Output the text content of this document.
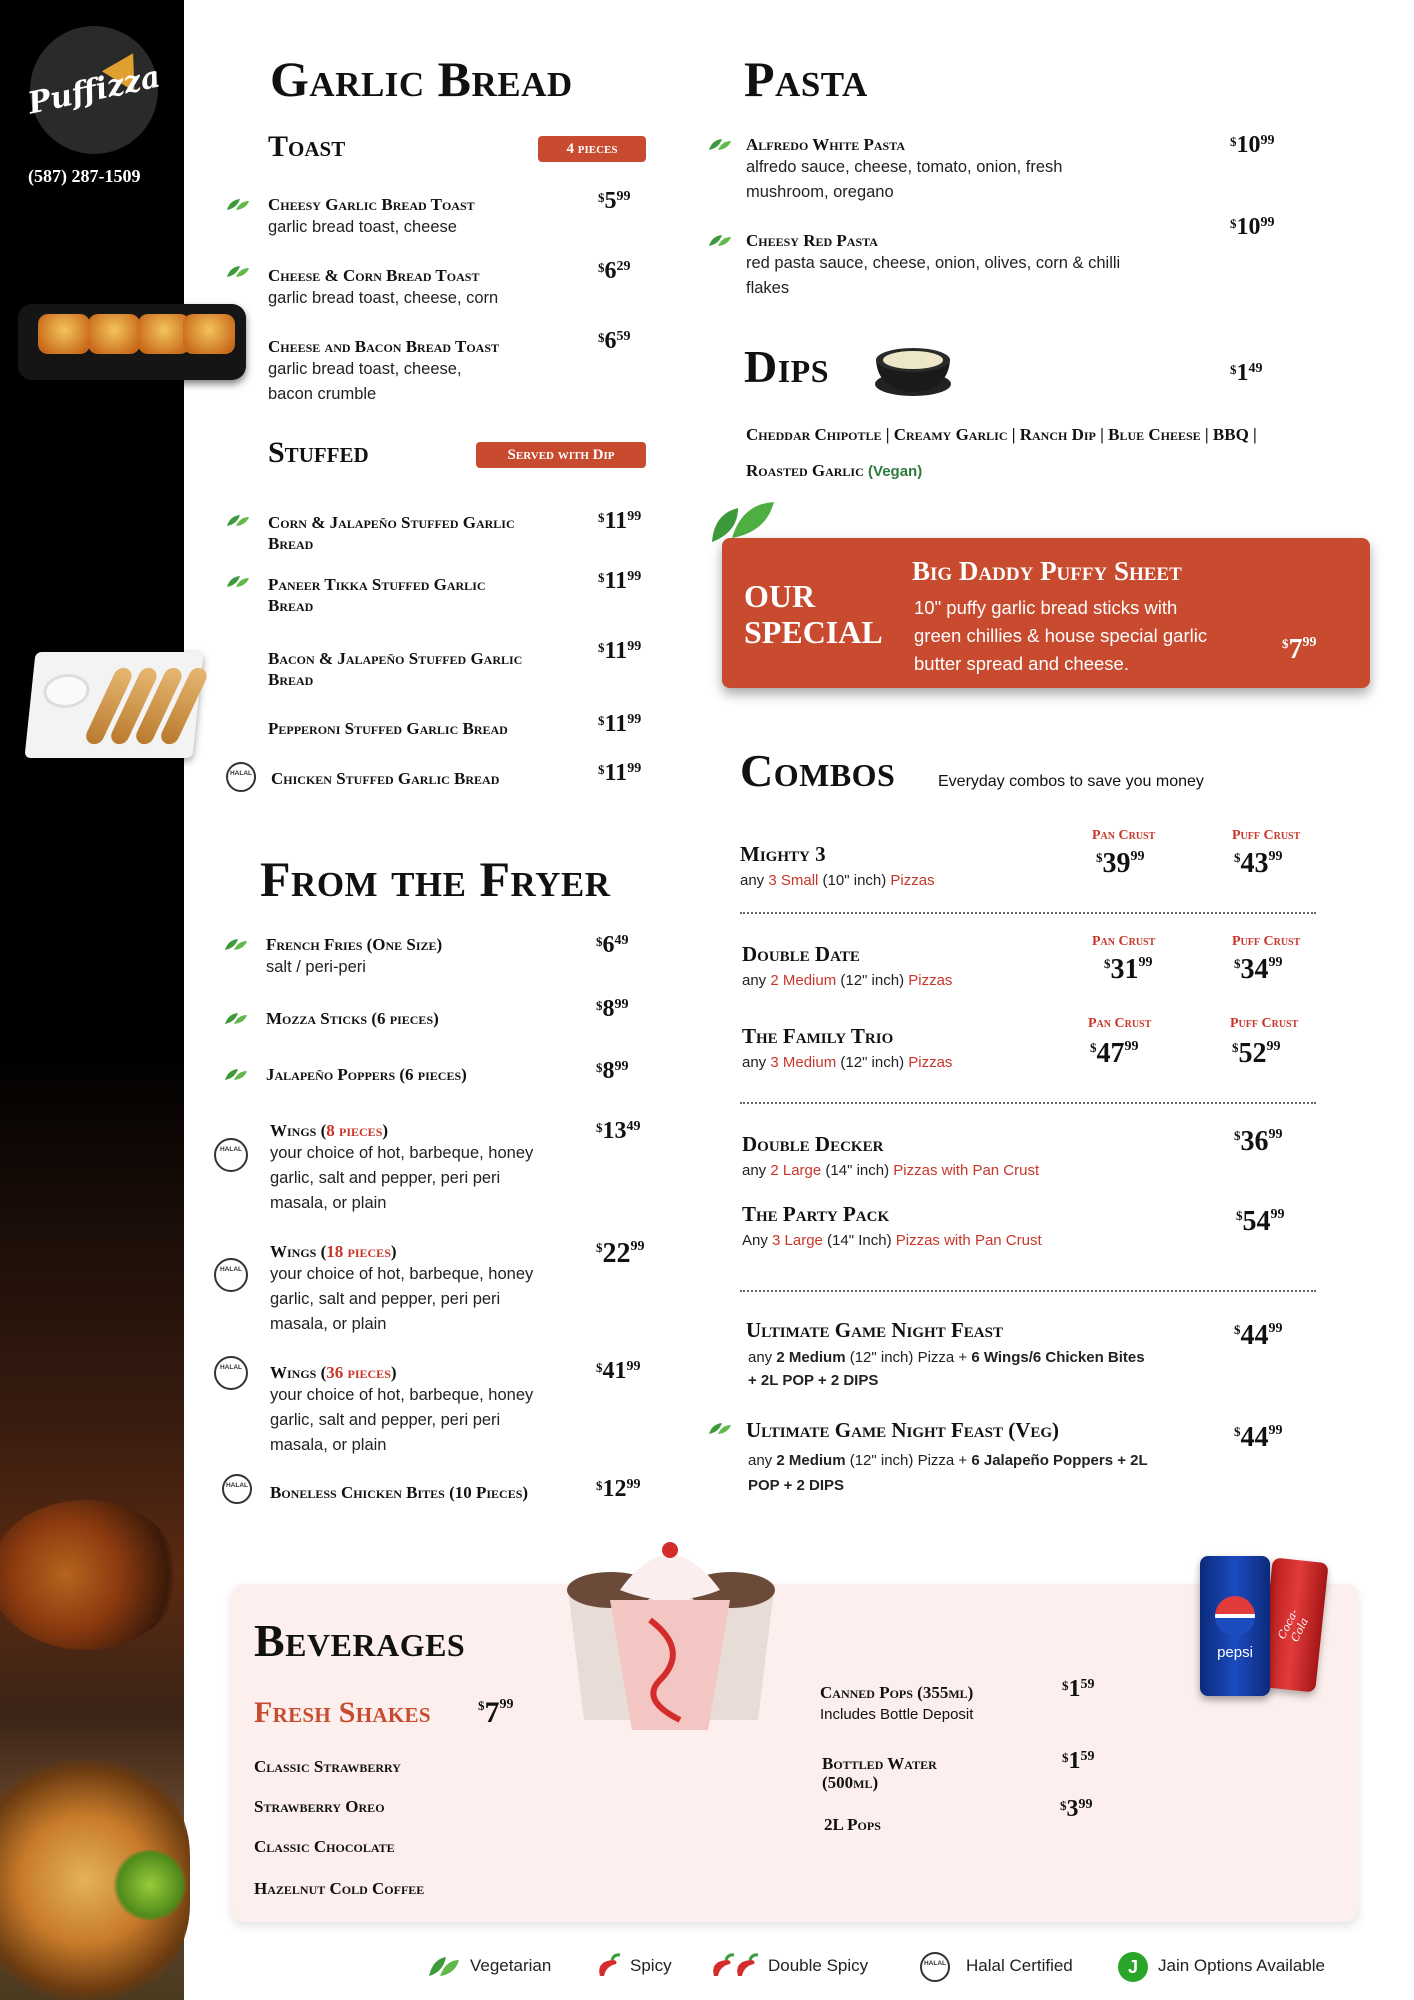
Puffizza
(587) 287-1509
Garlic Bread
Toast	4 pieces
Cheesy Garlic Bread Toast
garlic bread toast, cheese
$^{\$}5^{99}$
Cheese & Corn Bread Toast
garlic bread toast, cheese, corn
$^{\$}6^{29}$
Cheese and Bacon Bread Toast
garlic bread toast, cheese,
bacon crumble
$^{\$}6^{59}$
Stuffed	Served with Dip
Corn & Jalapeño Stuffed Garlic
Bread
$^{\$}11^{99}$
Paneer Tikka Stuffed Garlic
Bread
$^{\$}11^{99}$
Bacon & Jalapeño Stuffed Garlic
Bread
$^{\$}11^{99}$
Pepperoni Stuffed Garlic Bread	$^{\$}11^{99}$
HALAL Chicken Stuffed Garlic Bread	$^{\$}11^{99}$
From the Fryer
French Fries (One Size)
salt / peri-peri
$^{\$}6^{49}$
Mozza Sticks (6 pieces)
$^{\$}8^{99}$
Jalapeño Poppers (6 pieces)	$^{\$}8^{99}$
HALAL
Wings (8 pieces)
your choice of hot, barbeque, honey
garlic, salt and pepper, peri peri
masala, or plain
$^{\$}13^{49}$
HALAL
Wings (18 pieces)
your choice of hot, barbeque, honey
garlic, salt and pepper, peri peri
masala, or plain
$^{\$}22^{99}$
HALAL	Wings (36 pieces)
your choice of hot, barbeque, honey
garlic, salt and pepper, peri peri
masala, or plain
$^{\$}41^{99}$
HALAL Boneless Chicken Bites (10 Pieces)	$^{\$}12^{99}$
Pasta
Alfredo White Pasta
alfredo sauce, cheese, tomato, onion, fresh
mushroom, oregano
$^{\$}10^{99}$
Cheesy Red Pasta
red pasta sauce, cheese, onion, olives, corn & chilli
flakes
$^{\$}10^{99}$
Dips	$^{\$}1^{49}$
Cheddar Chipotle | Creamy Garlic | Ranch Dip | Blue Cheese | BBQ |
Roasted Garlic (Vegan)
OUR
SPECIAL
Big Daddy Puffy Sheet
10" puffy garlic bread sticks with
green chillies & house special garlic
butter spread and cheese.
$^{\$}7^{99}$
Combos	Everyday combos to save you money
Mighty 3
any 3 Small (10" inch) Pizzas
Pan Crust	Puff Crust
$^{\$}39^{99}$	$^{\$}43^{99}$
Double Date
any 2 Medium (12" inch) Pizzas
Pan Crust	Puff Crust
$^{\$}31^{99}$	$^{\$}34^{99}$
The Family Trio
any 3 Medium (12" inch) Pizzas
Pan Crust	Puff Crust
$^{\$}47^{99}$	$^{\$}52^{99}$
Double Decker
any 2 Large (14" inch) Pizzas with Pan Crust
$^{\$}36^{99}$
The Party Pack
Any 3 Large (14" Inch) Pizzas with Pan Crust
$^{\$}54^{99}$
Ultimate Game Night Feast
any 2 Medium (12" inch) Pizza + 6 Wings/6 Chicken Bites
+ 2L POP + 2 DIPS
$^{\$}44^{99}$
Ultimate Game Night Feast (Veg)
any 2 Medium (12" inch) Pizza + 6 Jalapeño Poppers + 2L
POP + 2 DIPS
$^{\$}44^{99}$
Beverages
Fresh Shakes	$^{\$}7^{99}$
Classic Strawberry
Strawberry Oreo
Classic Chocolate
Hazelnut Cold Coffee
Canned Pops (355ml)
Includes Bottle Deposit
$^{\$}1^{59}$
Bottled Water
(500ml)
$^{\$}1^{59}$
2L Pops
$^{\$}3^{99}$
Coca-Cola
pepsi
Vegetarian	Spicy	Double Spicy	HALAL Halal Certified	J	Jain Options Available
